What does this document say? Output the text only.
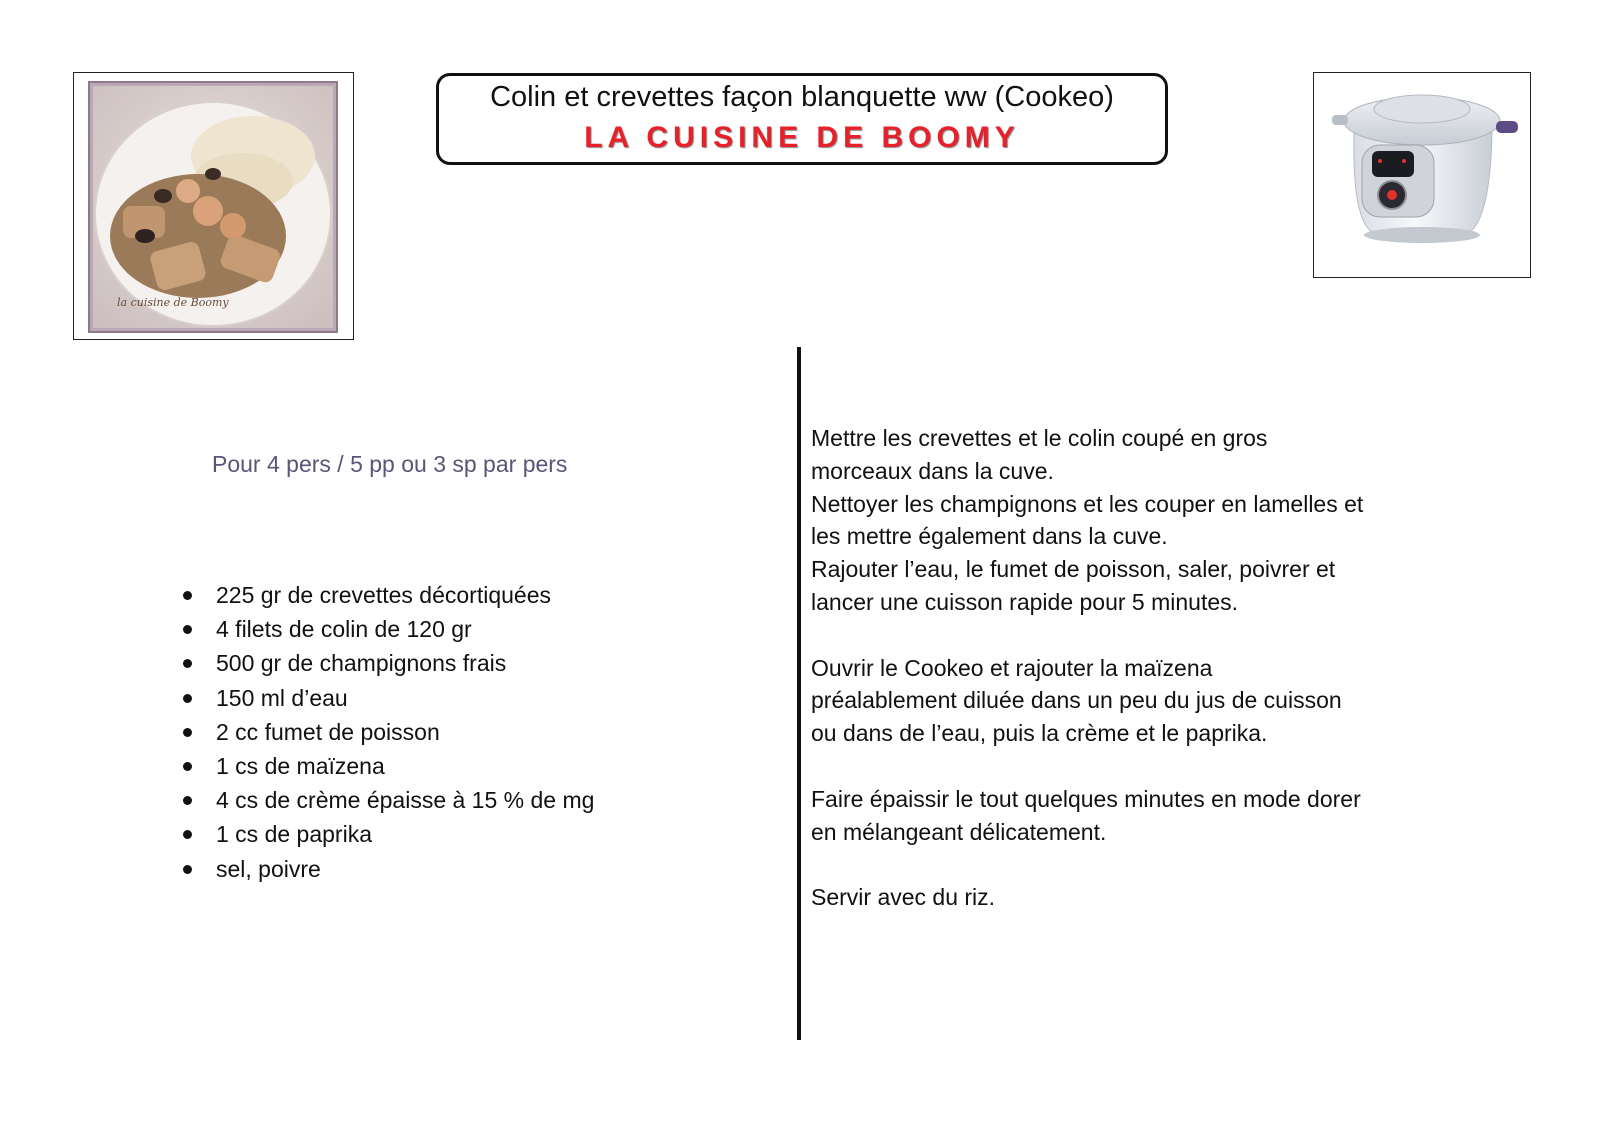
la cuisine de Boomy
Colin et crevettes façon blanquette ww (Cookeo)
LA CUISINE DE BOOMY
Pour 4 pers / 5 pp ou 3 sp par pers
225 gr de crevettes décortiquées
4 filets de colin de 120 gr
500 gr de champignons frais
150 ml d’eau
2 cc fumet de poisson
1 cs de maïzena
4 cs de crème épaisse à 15 % de mg
1 cs de paprika
sel, poivre

Mettre les crevettes et le colin coupé en gros
morceaux dans la cuve.
Nettoyer les champignons et les couper en lamelles et
les mettre également dans la cuve.
Rajouter l’eau, le fumet de poisson, saler, poivrer et
lancer une cuisson rapide pour 5 minutes.

Ouvrir le Cookeo et rajouter la maïzena
préalablement diluée dans un peu du jus de cuisson
ou dans de l’eau, puis la crème et le paprika.

Faire épaissir le tout quelques minutes en mode dorer
en mélangeant délicatement.

Servir avec du riz.
